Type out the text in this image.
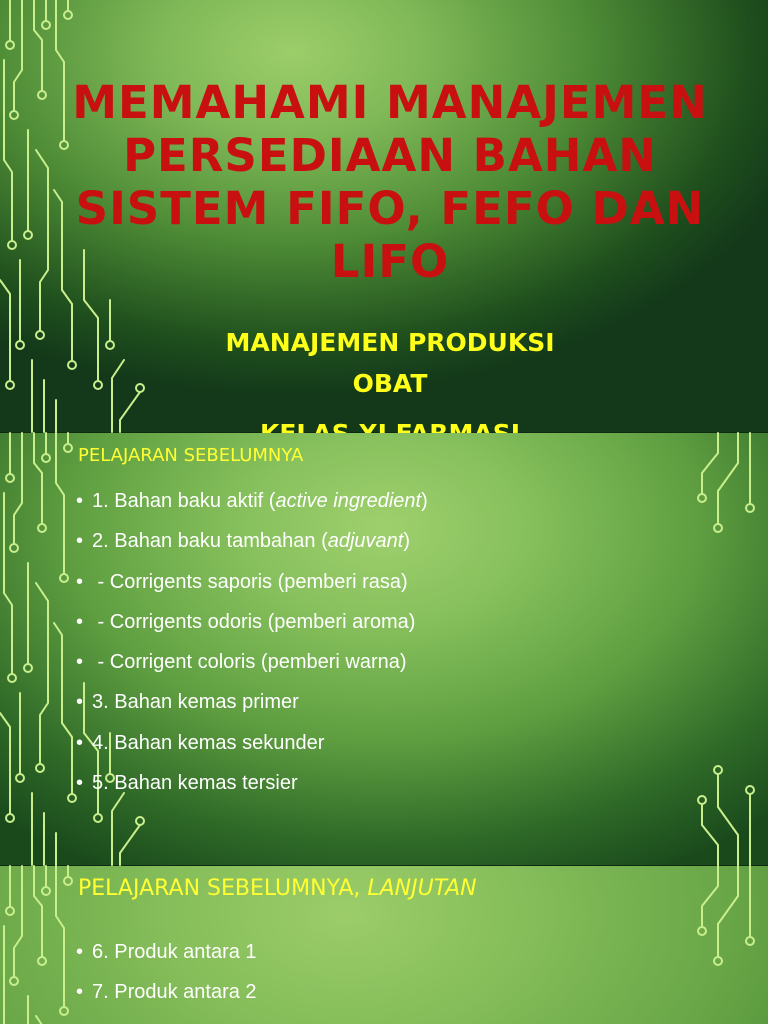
MEMAHAMI MANAJEMEN PERSEDIAAN BAHAN SISTEM FIFO, FEFO DAN LIFO
MANAJEMEN PRODUKSI
OBAT
PELAJARAN SEBELUMNYA
• 1. Bahan baku aktif (active ingredient)
• 2. Bahan baku tambahan (adjuvant)
• - Corrigents saporis (pemberi rasa)
• - Corrigents odoris (pemberi aroma)
• - Corrigent coloris (pemberi warna)
• 3. Bahan kemas primer
• 4. Bahan kemas sekunder
• 5. Bahan kemas tersier
PELAJARAN SEBELUMNYA, LANJUTAN
• 6. Produk antara 1
• 7. Produk antara 2
